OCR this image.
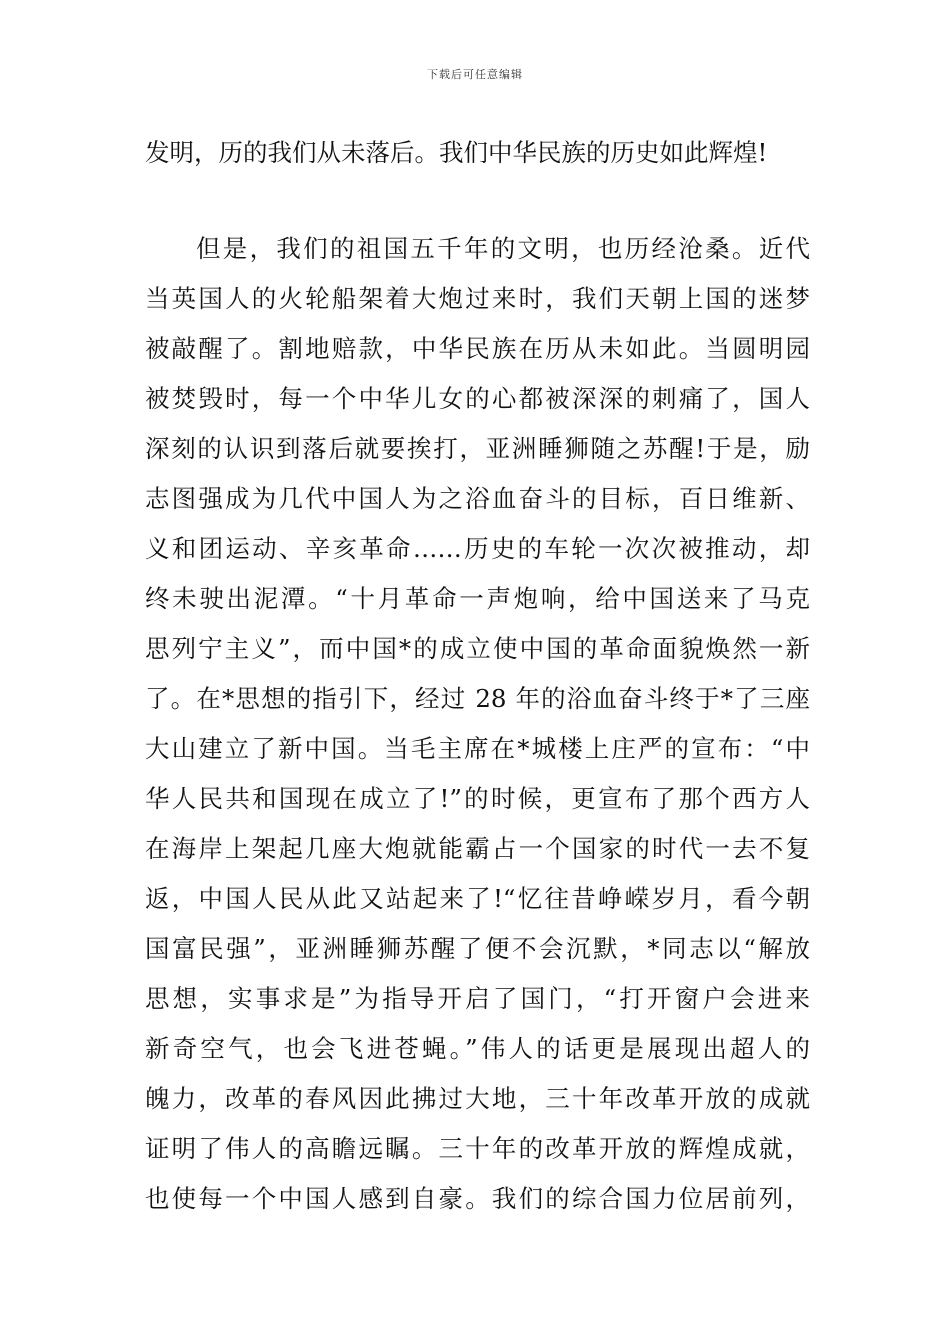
下载后可任意编辑
发明，历的我们从未落后。我们中华民族的历史如此辉煌!
但是，我们的祖国五千年的文明，也历经沧桑。近代
当英国人的火轮船架着大炮过来时，我们天朝上国的迷梦
被敲醒了。割地赔款，中华民族在历从未如此。当圆明园
被焚毁时，每一个中华儿女的心都被深深的刺痛了，国人
深刻的认识到落后就要挨打，亚洲睡狮随之苏醒!于是，励
志图强成为几代中国人为之浴血奋斗的目标，百日维新、
义和团运动、辛亥革命……历史的车轮一次次被推动，却
终未驶出泥潭。“十月革命一声炮响，给中国送来了马克
思列宁主义”，而中国*的成立使中国的革命面貌焕然一新
了。在*思想的指引下，经过 28 年的浴血奋斗终于*了三座
大山建立了新中国。当毛主席在*城楼上庄严的宣布：“中
华人民共和国现在成立了!”的时候，更宣布了那个西方人
在海岸上架起几座大炮就能霸占一个国家的时代一去不复
返，中国人民从此又站起来了!“忆往昔峥嵘岁月，看今朝
国富民强”，亚洲睡狮苏醒了便不会沉默，*同志以“解放
思想，实事求是”为指导开启了国门，“打开窗户会进来
新奇空气，也会飞进苍蝇。”伟人的话更是展现出超人的
魄力，改革的春风因此拂过大地，三十年改革开放的成就
证明了伟人的高瞻远瞩。三十年的改革开放的辉煌成就，
也使每一个中国人感到自豪。我们的综合国力位居前列，
